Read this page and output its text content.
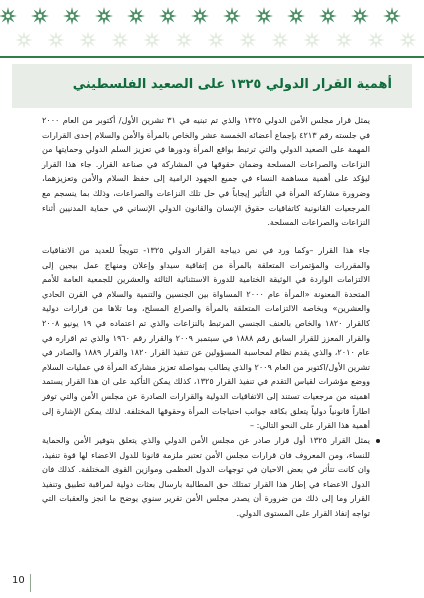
أهمية القرار الدولي ١٣٢٥ على الصعيد الفلسطيني
يمثل قرار مجلس الأمن الدولي ١٣٢٥ والذي تم تبنيه في ٣١ تشرين الأول/ أكتوبر من العام ٢٠٠٠ في جلسته رقم ٤٢١٣ بإجماع أعضائه الخمسة عشر والخاص بالمرأة والأمن والسلام إحدى القرارات المهمة على الصعيد الدولي والتي ترتبط بواقع المرأة ودورها في تعزيز السلم الدولي وحمايتها من النزاعات والصراعات المسلحة وضمان حقوقها في المشاركة في صناعة القرار. جاء هذا القرار ليؤكد على أهمية مساهمة النساء في جميع الجهود الرامية إلى حفظ السلام والأمن وتعزيزهما، وضرورة مشاركة المرأة في التأثير إيجاباً في حل تلك النزاعات والصراعات، وذلك بما ينسجم مع المرجعيات القانونية كاتفاقيات حقوق الإنسان والقانون الدولي الإنساني في حماية المدنيين أثناء النزاعات والصراعات المسلحة.
جاء هذا القرار –وكما ورد في نص ديباجة القرار الدولي ١٣٢٥- تتويجاً للعديد من الاتفاقيات والمقررات والمؤتمرات المتعلقة بالمرأة من إتفاقية سيداو وإعلان ومنهاج عمل بيجين إلى الالتزامات الواردة في الوثيقة الختامية للدورة الاستثنائية الثالثة والعشرين للجمعية العامة للأمم المتحدة المعنونة «المرأة عام ٢٠٠٠ المساواة بين الجنسين والتنمية والسلام في القرن الحادي والعشرين» وبخاصة الالتزامات المتعلقة بالمرأة والصراع المسلح، وما تلاها من قرارات دولية كالقرار ١٨٢٠ والخاص بالعنف الجنسي المرتبط بالنزاعات والذي تم اعتماده في ١٩ يونيو ٢٠٠٨ والقرار المعزز للقرار السابق رقم ١٨٨٨ في سبتمبر ٢٠٠٩ والقرار رقم ١٩٦٠ والذي تم اقراره في عام ٢٠١٠، والذي يقدم نظام لمحاسبة المسؤولين عن تنفيذ القرار ١٨٢٠ والقرار ١٨٨٩ والصادر في تشرين الأول/اكتوبر من العام ٢٠٠٩ والذي يطالب بمواصلة تعزيز مشاركة المرأة في عمليات السلام ووضع مؤشرات لقياس التقدم في تنفيذ القرار ١٣٢٥، كذلك يمكن التأكيد على ان هذا القرار يستمد اهميته من مرجعيات تستند إلى الاتفاقيات الدولية والقرارات الصادرة عن مجلس الأمن والتي توفر اطاراً قانونياً دولياً يتعلق بكافة جوانب احتياجات المرأة وحقوقها المختلفة. لذلك يمكن الإشارة إلى أهمية هذا القرار على النحو التالي: –
يمثل القرار ١٣٢٥ أول قرار صادر عن مجلس الأمن الدولي والذي يتعلق بتوفير الأمن والحماية للنساء، ومن المعروف فان قرارات مجلس الأمن تعتبر ملزمة قانونا للدول الاعضاء لها قوة تنفيذ، وان كانت تتأثر في بعض الاحيان في توجهات الدول العظمى وموازين القوى المختلفة. كذلك فان الدول الاعضاء في إطار هذا القرار تمتلك حق المطالبة بارسال بعثات دولية لمراقبة تطبيق وتنفيذ القرار وما إلى ذلك من ضرورة أن يصدر مجلس الأمن تقرير سنوي يوضح ما انجز والعقبات التي تواجه إنفاذ القرار على المستوى الدولي.
10
